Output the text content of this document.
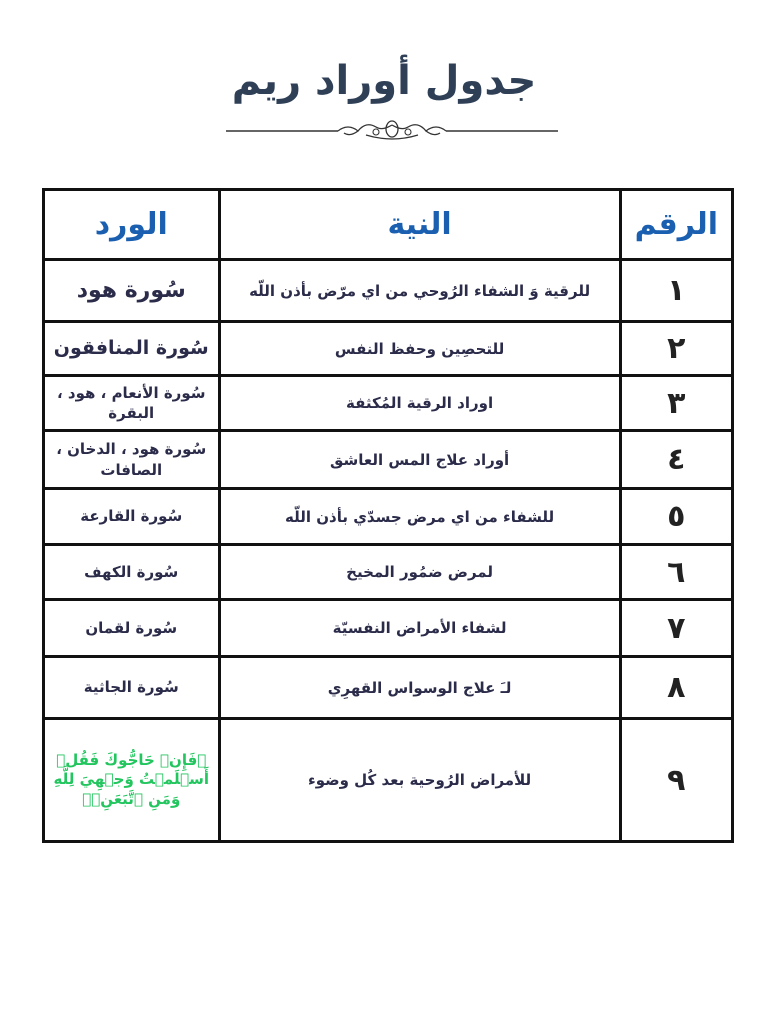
جدول أوراد ريم
الورد	النية	الرقم
سُورة هود	للرقية وَ الشفاء الرُوحي من اي مرّض بأذن اللّه	١
سُورة المنافقون	للتحصِين وحفظ النفس	٢
سُورة الأنعام ، هود ، البقرة	اوراد الرقية المُكثفة	٣
سُورة هود ، الدخان ، الصافات	أوراد علاج المس العاشق	٤
سُورة القارعة	للشفاء من اي مرض جسدّي بأذن اللّه	٥
سُورة الكهف	لمرض ضمُور المخيخ	٦
سُورة لقمان	لشفاء الأمراض النفسيّة	٧
سُورة الجاثية	لـَ علاج الوسواس القهرِي	٨
﴿فَإِنۡ حَاجُّوكَ فَقُلۡ أَسۡلَمۡتُ وَجۡهِيَ لِلَّهِ وَمَنِ ٱتَّبَعَنِۗ﴾	للأمراض الرُوحية بعد كُل وضوء	٩
